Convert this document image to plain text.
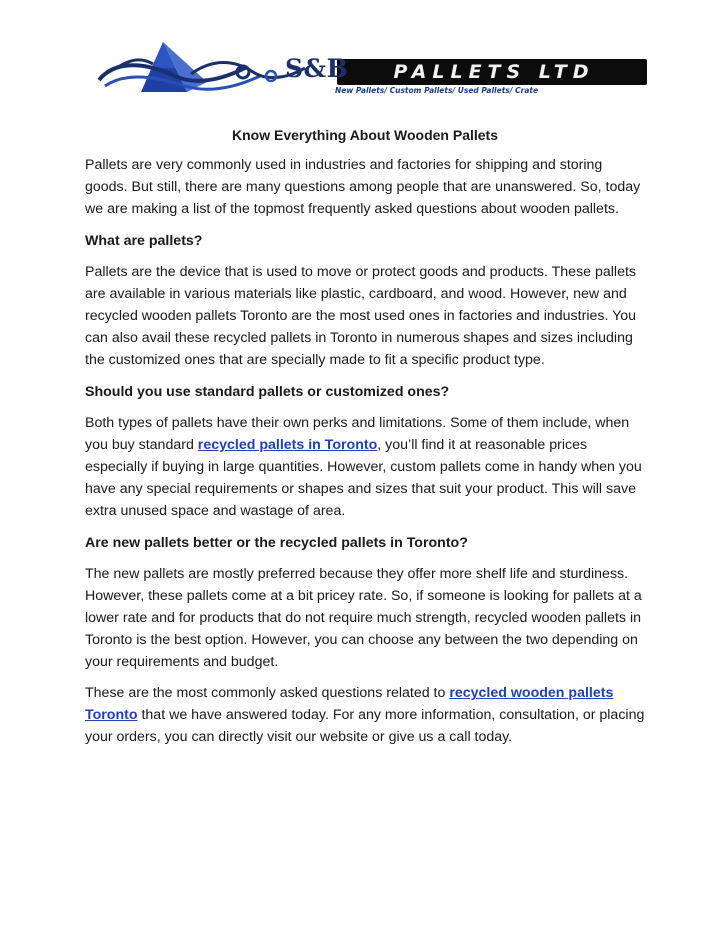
PALLETS LTD
New Pallets/ Custom Pallets/ Used Pallets/ Crate
S&B
Know Everything About Wooden Pallets

Pallets are very commonly used in industries and factories for shipping and storing goods. But still, there are many questions among people that are unanswered. So, today we are making a list of the topmost frequently asked questions about wooden pallets.

What are pallets?

Pallets are the device that is used to move or protect goods and products. These pallets are available in various materials like plastic, cardboard, and wood. However, new and recycled wooden pallets Toronto are the most used ones in factories and industries. You can also avail these recycled pallets in Toronto in numerous shapes and sizes including the customized ones that are specially made to fit a specific product type.

Should you use standard pallets or customized ones?

Both types of pallets have their own perks and limitations. Some of them include, when you buy standard recycled pallets in Toronto, you’ll find it at reasonable prices especially if buying in large quantities. However, custom pallets come in handy when you have any special requirements or shapes and sizes that suit your product. This will save extra unused space and wastage of area.

Are new pallets better or the recycled pallets in Toronto?

The new pallets are mostly preferred because they offer more shelf life and sturdiness. However, these pallets come at a bit pricey rate. So, if someone is looking for pallets at a lower rate and for products that do not require much strength, recycled wooden pallets in Toronto is the best option. However, you can choose any between the two depending on your requirements and budget.

These are the most commonly asked questions related to recycled wooden pallets Toronto that we have answered today. For any more information, consultation, or placing your orders, you can directly visit our website or give us a call today.
